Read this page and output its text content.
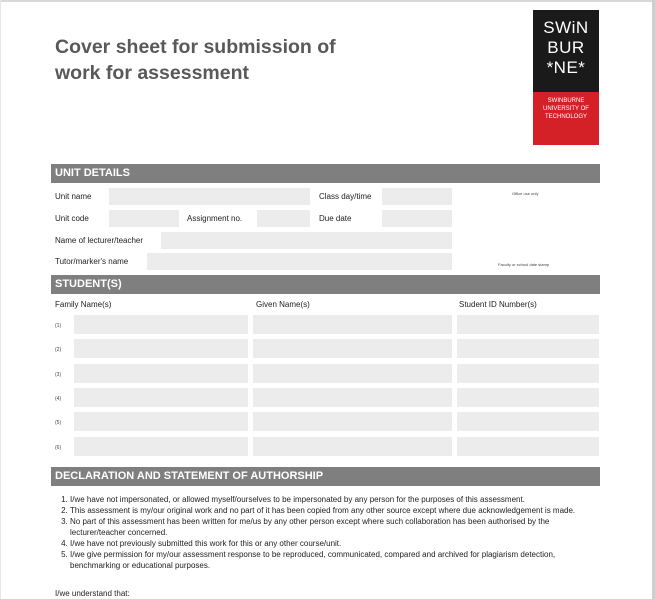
Cover sheet for submission of
work for assessment
SWiN
BUR
*NE*
SWINBURNE
UNIVERSITY OF
TECHNOLOGY
UNIT DETAILS
Unit name	Class day/time	Office use only
Unit code	Assignment no.	Due date
Name of lecturer/teacher
Tutor/marker's name	Faculty or school date stamp
STUDENT(S)
Family Name(s)	Given Name(s)	Student ID Number(s)
(1)
(2)
(3)
(4)
(5)
(6)
DECLARATION AND STATEMENT OF AUTHORSHIP
1. I/we have not impersonated, or allowed myself/ourselves to be impersonated by any person for the purposes of this assessment.
2. This assessment is my/our original work and no part of it has been copied from any other source except where due acknowledgement is made.
3. No part of this assessment has been written for me/us by any other person except where such collaboration has been authorised by the lecturer/teacher concerned.
4. I/we have not previously submitted this work for this or any other course/unit.
5. I/we give permission for my/our assessment response to be reproduced, communicated, compared and archived for plagiarism detection, benchmarking or educational purposes.
I/we understand that:
